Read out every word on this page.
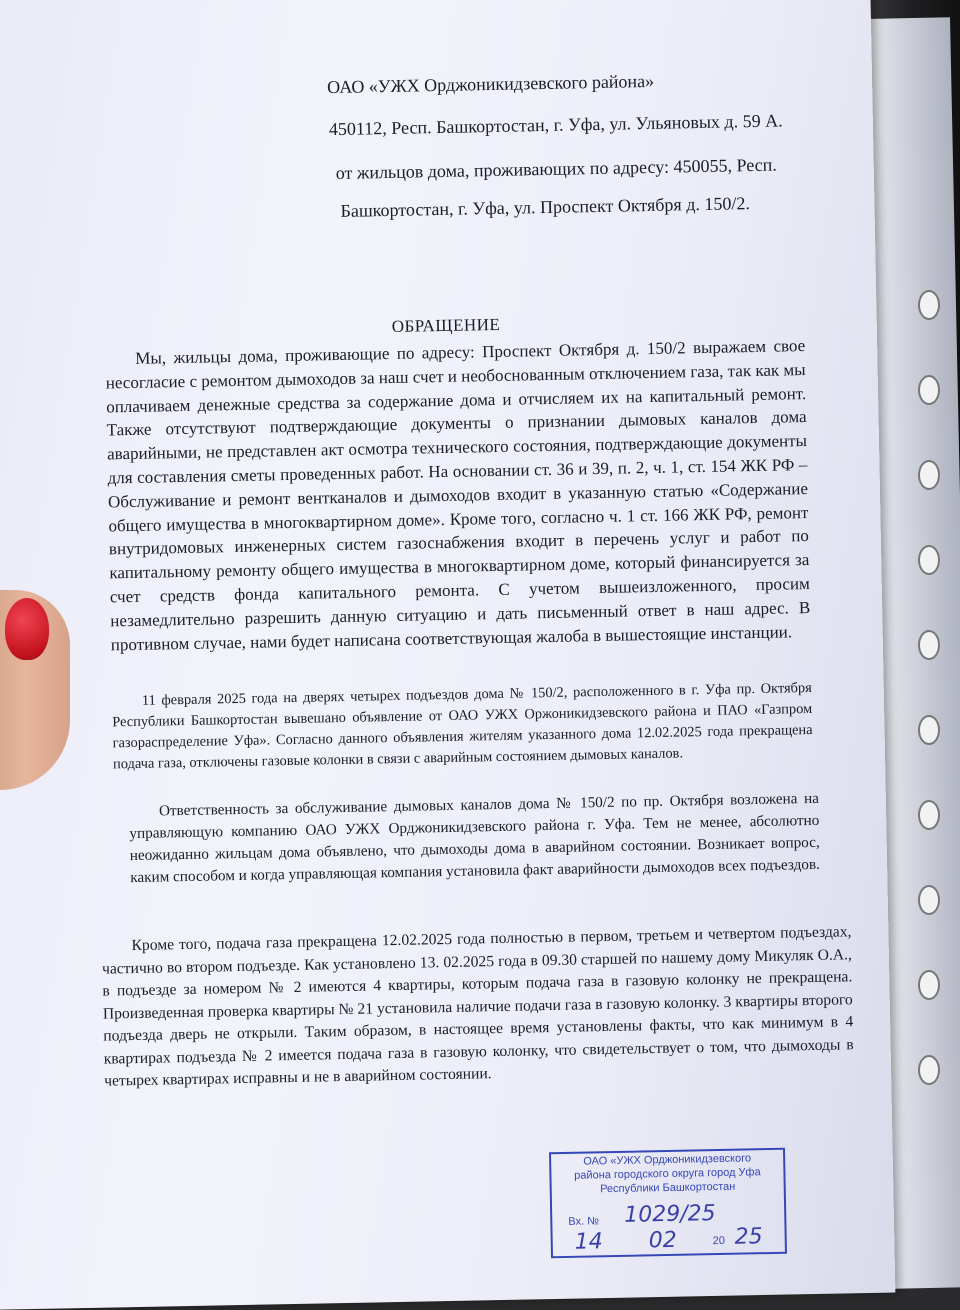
ОАО «УЖХ Орджоникидзевского района»
450112, Респ. Башкортостан, г. Уфа, ул. Ульяновых д. 59 А.
от жильцов дома, проживающих по адресу: 450055, Респ.
Башкортостан, г. Уфа, ул. Проспект Октября д. 150/2.
ОБРАЩЕНИЕ
Мы, жильцы дома, проживающие по адресу: Проспект Октября д. 150/2 выражаем свое несогласие с ремонтом дымоходов за наш счет и необоснованным отключением газа, так как мы оплачиваем денежные средства за содержание дома и отчисляем их на капитальный ремонт. Также отсутствуют подтверждающие документы о признании дымовых каналов дома аварийными, не представлен акт осмотра технического состояния, подтверждающие документы для составления сметы проведенных работ. На основании ст. 36 и 39, п. 2, ч. 1, ст. 154 ЖК РФ – Обслуживание и ремонт вентканалов и дымоходов входит в указанную статью «Содержание общего имущества в многоквартирном доме». Кроме того, согласно ч. 1 ст. 166 ЖК РФ, ремонт внутридомовых инженерных систем газоснабжения входит в перечень услуг и работ по капитальному ремонту общего имущества в многоквартирном доме, который финансируется за счет средств фонда капитального ремонта. С учетом вышеизложенного, просим незамедлительно разрешить данную ситуацию и дать письменный ответ в наш адрес. В противном случае, нами будет написана соответствующая жалоба в вышестоящие инстанции.
11 февраля 2025 года на дверях четырех подъездов дома № 150/2, расположенного в г. Уфа пр. Октября Республики Башкортостан вывешано объявление от ОАО УЖХ Оржоникидзевского района и ПАО «Газпром газораспределение Уфа». Согласно данного объявления жителям указанного дома 12.02.2025 года прекращена подача газа, отключены газовые колонки в связи с аварийным состоянием дымовых каналов.
Ответственность за обслуживание дымовых каналов дома № 150/2 по пр. Октября возложена на управляющую компанию ОАО УЖХ Орджоникидзевского района г. Уфа. Тем не менее, абсолютно неожиданно жильцам дома объявлено, что дымоходы дома в аварийном состоянии. Возникает вопрос, каким способом и когда управляющая компания установила факт аварийности дымоходов всех подъездов.
Кроме того, подача газа прекращена 12.02.2025 года полностью в первом, третьем и четвертом подъездах, частично во втором подъезде. Как установлено 13. 02.2025 года в 09.30 старшей по нашему дому Микуляк О.А., в подъезде за номером № 2 имеются 4 квартиры, которым подача газа в газовую колонку не прекращена. Произведенная проверка квартиры № 21 установила наличие подачи газа в газовую колонку. 3 квартиры второго подъезда дверь не открыли. Таким образом, в настоящее время установлены факты, что как минимум в 4 квартирах подъезда № 2 имеется подача газа в газовую колонку, что свидетельствует о том, что дымоходы в четырех квартирах исправны и не в аварийном состоянии.
ОАО «УЖХ Орджоникидзевского
района городского округа город Уфа
Республики Башкортостан
Вх. № 1029/25
14 02	20 25
